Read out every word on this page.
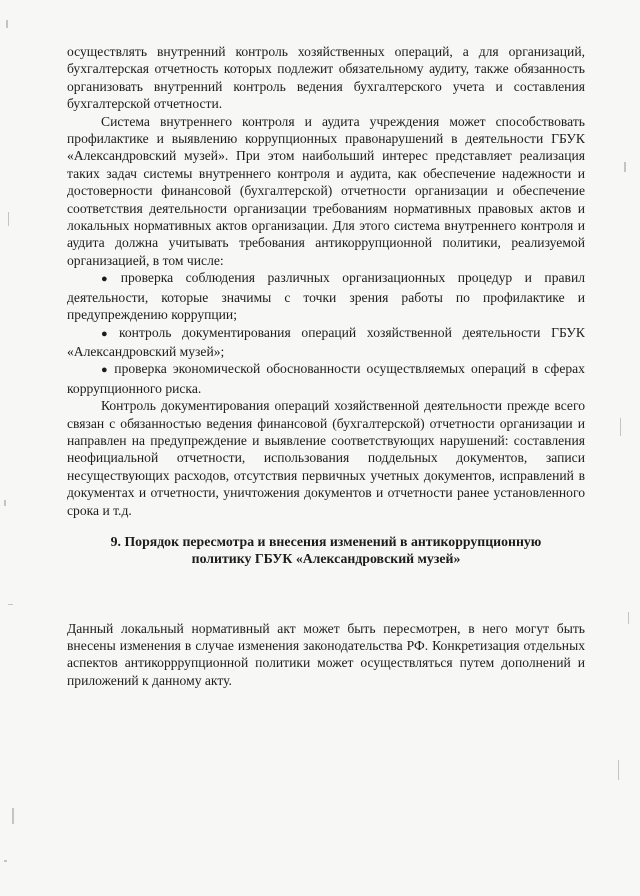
осуществлять внутренний контроль хозяйственных операций, а для организаций, бухгалтерская отчетность которых подлежит обязательному аудиту, также обязанность организовать внутренний контроль ведения бухгалтерского учета и составления бухгалтерской отчетности.

Система внутреннего контроля и аудита учреждения может способствовать профилактике и выявлению коррупционных правонарушений в деятельности ГБУК «Александровский музей». При этом наибольший интерес представляет реализация таких задач системы внутреннего контроля и аудита, как обеспечение надежности и достоверности финансовой (бухгалтерской) отчетности организации и обеспечение соответствия деятельности организации требованиям нормативных правовых актов и локальных нормативных актов организации. Для этого система внутреннего контроля и аудита должна учитывать требования антикоррупционной политики, реализуемой организацией, в том числе:

● проверка соблюдения различных организационных процедур и правил деятельности, которые значимы с точки зрения работы по профилактике и предупреждению коррупции;

● контроль документирования операций хозяйственной деятельности ГБУК «Александровский музей»;

● проверка экономической обоснованности осуществляемых операций в сферах коррупционного риска.

Контроль документирования операций хозяйственной деятельности прежде всего связан с обязанностью ведения финансовой (бухгалтерской) отчетности организации и направлен на предупреждение и выявление соответствующих нарушений: составления неофициальной отчетности, использования поддельных документов, записи несуществующих расходов, отсутствия первичных учетных документов, исправлений в документах и отчетности, уничтожения документов и отчетности ранее установленного срока и т.д.

9. Порядок пересмотра и внесения изменений в антикоррупционную
политику ГБУК «Александровский музей»

Данный локальный нормативный акт может быть пересмотрен, в него могут быть внесены изменения в случае изменения законодательства РФ. Конкретизация отдельных аспектов антикорррупционной политики может осуществляться путем дополнений и приложений к данному акту.
